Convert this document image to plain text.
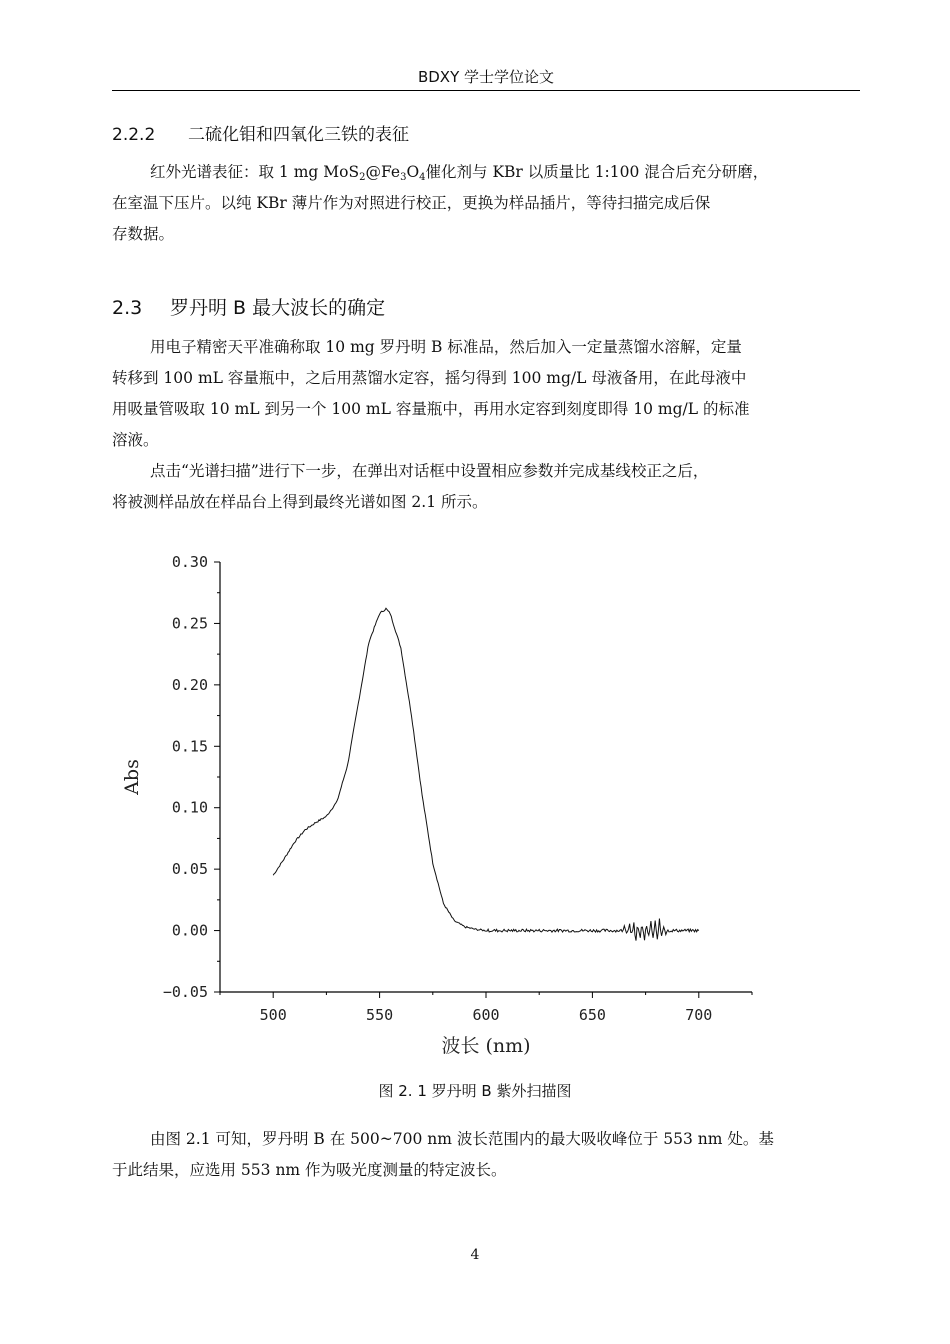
BDXY 学士学位论文
2.2.2 二硫化钼和四氧化三铁的表征
红外光谱表征：取 1 mg $MoS_2@Fe_3O_4$催化剂与 KBr 以质量比 1:100 混合后充分研磨，
在室温下压片。以纯 KBr 薄片作为对照进行校正，更换为样品插片，等待扫描完成后保
存数据。
2.3 罗丹明 B 最大波长的确定
用电子精密天平准确称取 10 mg 罗丹明 B 标准品，然后加入一定量蒸馏水溶解，定量
转移到 100 mL 容量瓶中，之后用蒸馏水定容，摇匀得到 100 mg/L 母液备用，在此母液中
用吸量管吸取 10 mL 到另一个 100 mL 容量瓶中，再用水定容到刻度即得 10 mg/L 的标准
溶液。
点击“光谱扫描”进行下一步，在弹出对话框中设置相应参数并完成基线校正之后，
将被测样品放在样品台上得到最终光谱如图 2.1 所示。
−0.05
0.00
0.05
0.10
0.15
0.20
0.25
0.30
500	550	600	650	700
波长 (nm)
Abs
图 2. 1 罗丹明 B 紫外扫描图
由图 2.1 可知，罗丹明 B 在 500~700 nm 波长范围内的最大吸收峰位于 553 nm 处。基
于此结果，应选用 553 nm 作为吸光度测量的特定波长。
4
